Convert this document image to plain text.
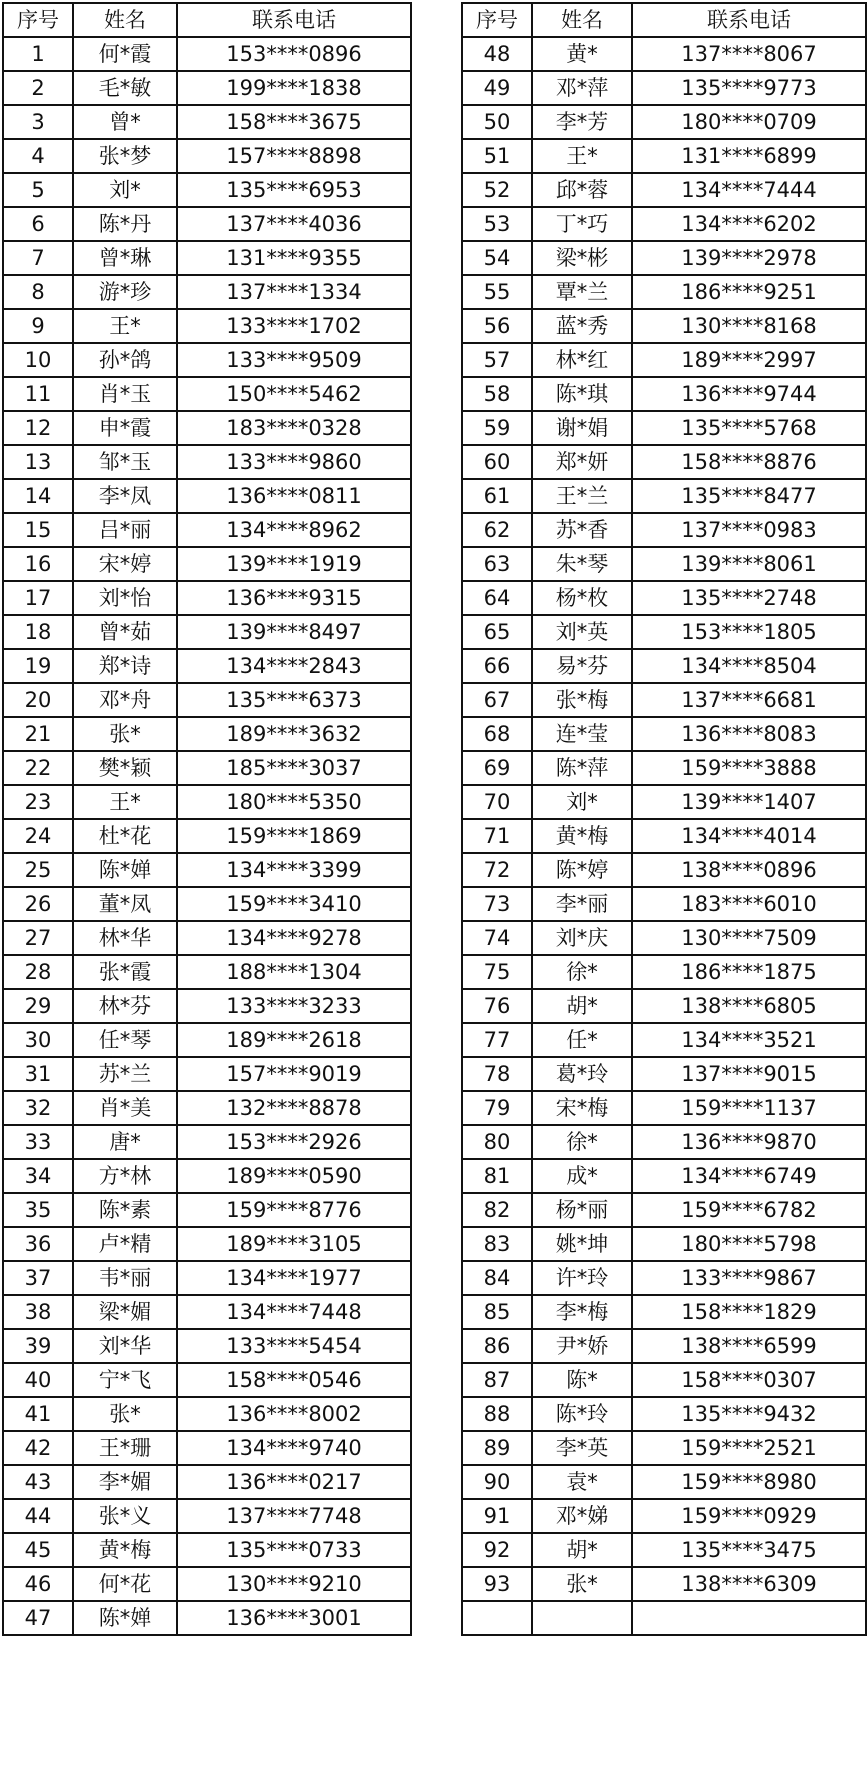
序号	姓名	联系电话
1	何*霞	153****0896
2	毛*敏	199****1838
3	曾*	158****3675
4	张*梦	157****8898
5	刘*	135****6953
6	陈*丹	137****4036
7	曾*琳	131****9355
8	游*珍	137****1334
9	王*	133****1702
10	孙*鸽	133****9509
11	肖*玉	150****5462
12	申*霞	183****0328
13	邹*玉	133****9860
14	李*凤	136****0811
15	吕*丽	134****8962
16	宋*婷	139****1919
17	刘*怡	136****9315
18	曾*茹	139****8497
19	郑*诗	134****2843
20	邓*舟	135****6373
21	张*	189****3632
22	樊*颖	185****3037
23	王*	180****5350
24	杜*花	159****1869
25	陈*婵	134****3399
26	董*凤	159****3410
27	林*华	134****9278
28	张*霞	188****1304
29	林*芬	133****3233
30	任*琴	189****2618
31	苏*兰	157****9019
32	肖*美	132****8878
33	唐*	153****2926
34	方*林	189****0590
35	陈*素	159****8776
36	卢*精	189****3105
37	韦*丽	134****1977
38	梁*媚	134****7448
39	刘*华	133****5454
40	宁*飞	158****0546
41	张*	136****8002
42	王*珊	134****9740
43	李*媚	136****0217
44	张*义	137****7748
45	黄*梅	135****0733
46	何*花	130****9210
47	陈*婵	136****3001
序号	姓名	联系电话
48	黄*	137****8067
49	邓*萍	135****9773
50	李*芳	180****0709
51	王*	131****6899
52	邱*蓉	134****7444
53	丁*巧	134****6202
54	梁*彬	139****2978
55	覃*兰	186****9251
56	蓝*秀	130****8168
57	林*红	189****2997
58	陈*琪	136****9744
59	谢*娟	135****5768
60	郑*妍	158****8876
61	王*兰	135****8477
62	苏*香	137****0983
63	朱*琴	139****8061
64	杨*枚	135****2748
65	刘*英	153****1805
66	易*芬	134****8504
67	张*梅	137****6681
68	连*莹	136****8083
69	陈*萍	159****3888
70	刘*	139****1407
71	黄*梅	134****4014
72	陈*婷	138****0896
73	李*丽	183****6010
74	刘*庆	130****7509
75	徐*	186****1875
76	胡*	138****6805
77	任*	134****3521
78	葛*玲	137****9015
79	宋*梅	159****1137
80	徐*	136****9870
81	成*	134****6749
82	杨*丽	159****6782
83	姚*坤	180****5798
84	许*玲	133****9867
85	李*梅	158****1829
86	尹*娇	138****6599
87	陈*	158****0307
88	陈*玲	135****9432
89	李*英	159****2521
90	袁*	159****8980
91	邓*娣	159****0929
92	胡*	135****3475
93	张*	138****6309
